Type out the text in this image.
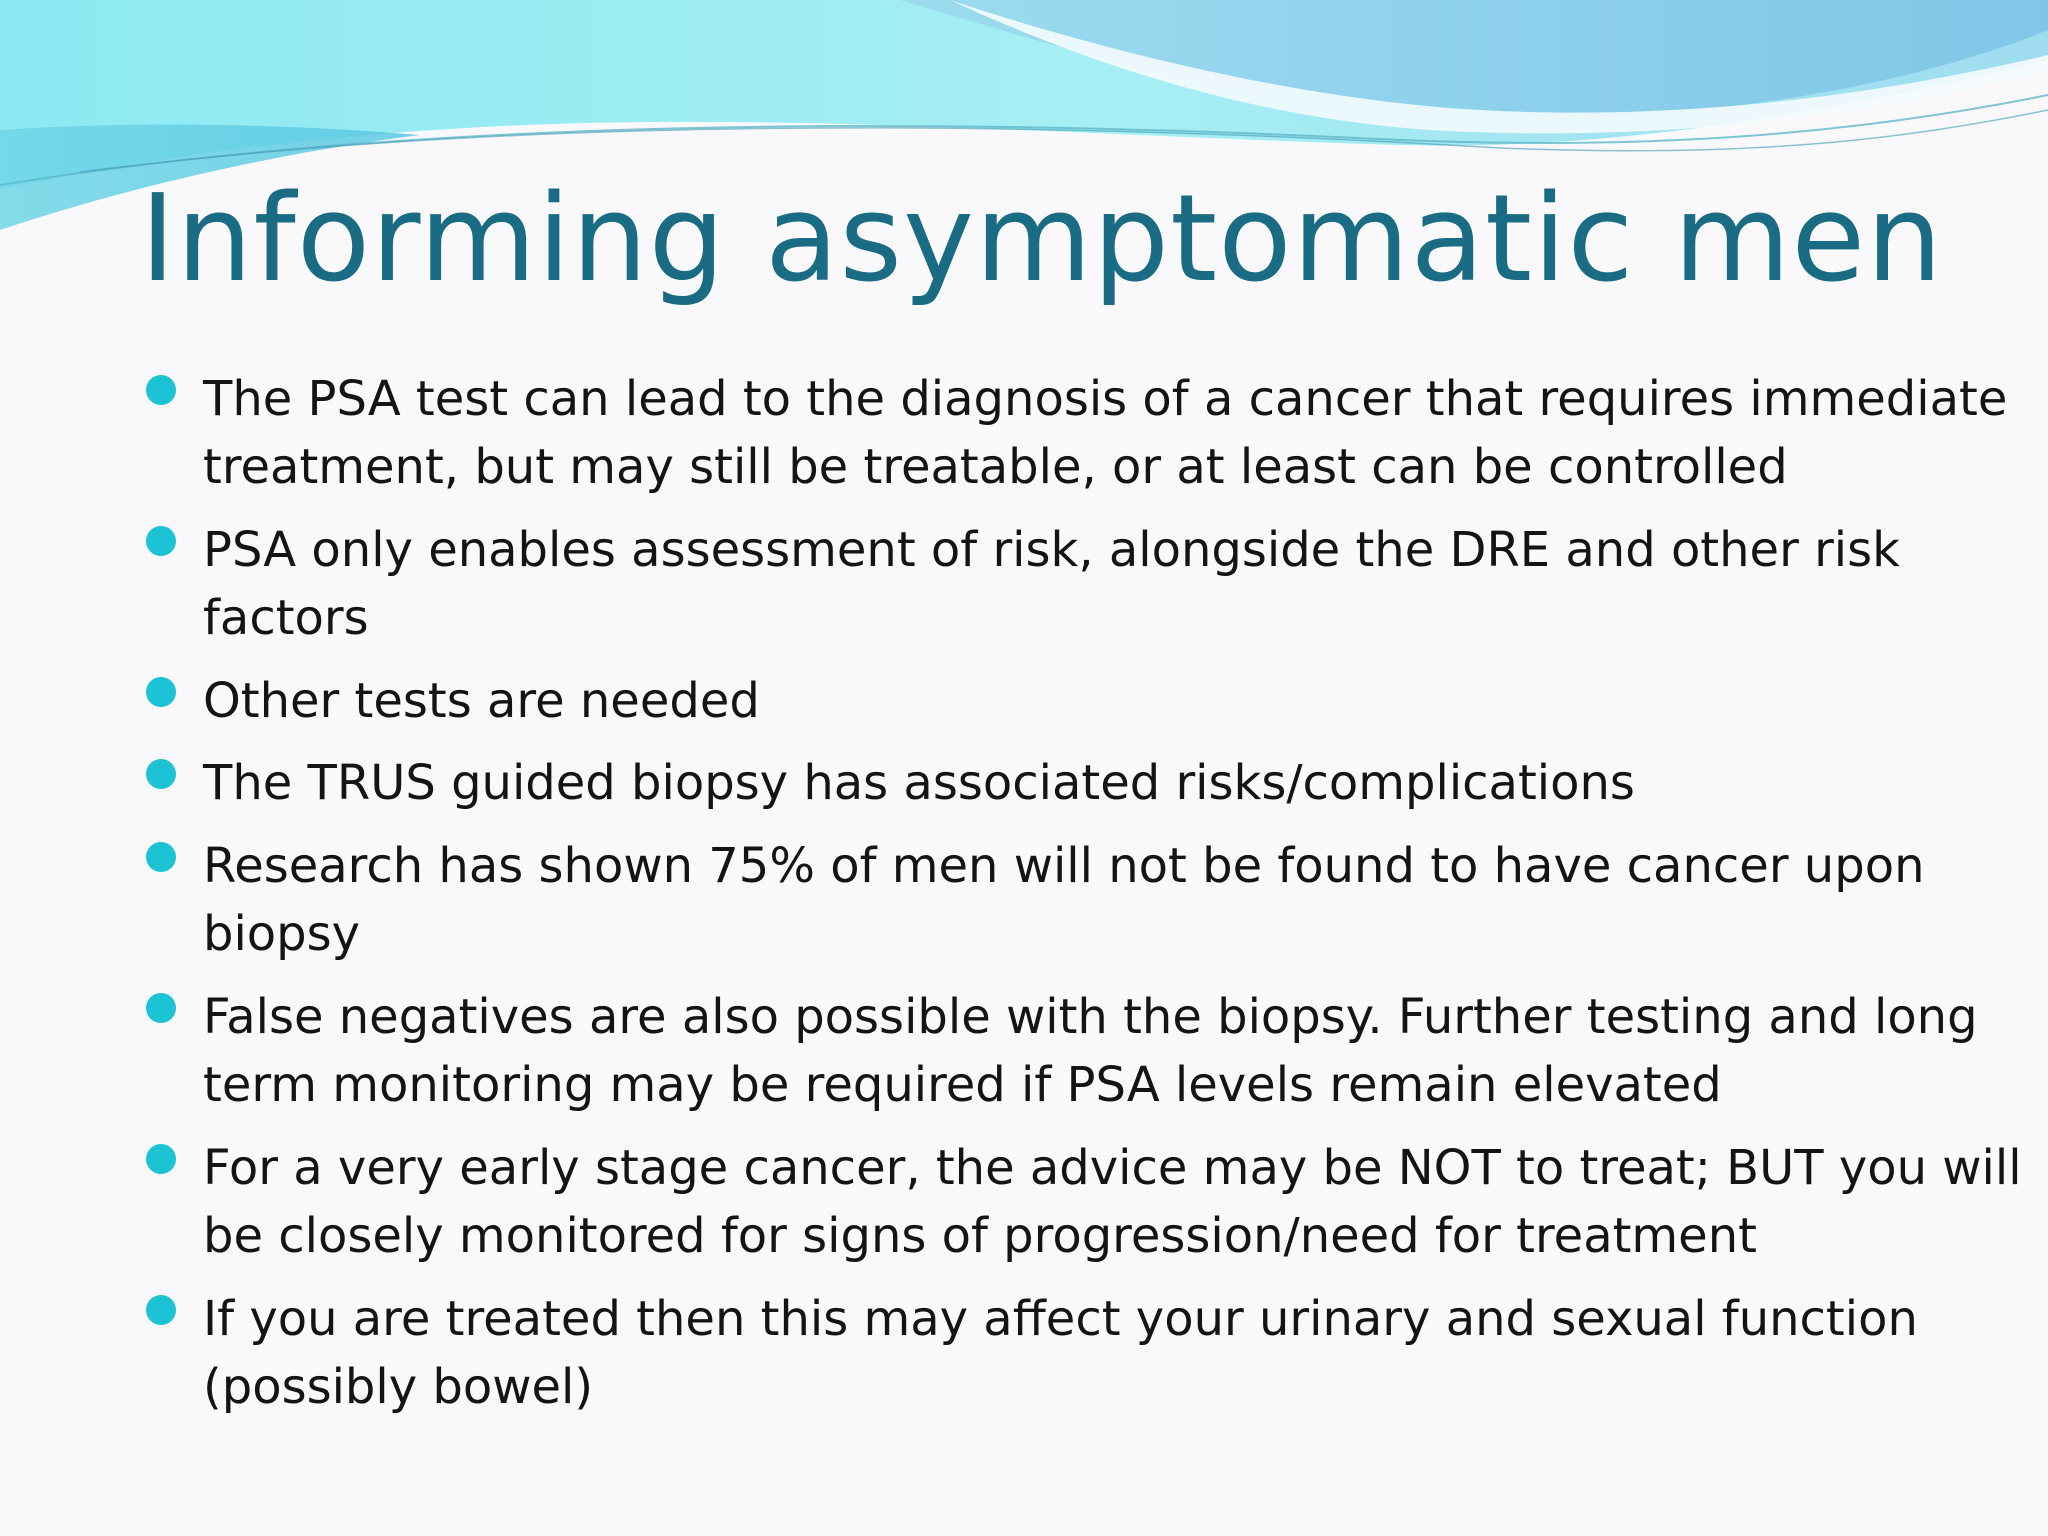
Informing asymptomatic men
The PSA test can lead to the diagnosis of a cancer that requires immediate
treatment, but may still be treatable, or at least can be controlled
PSA only enables assessment of risk, alongside the DRE and other risk
factors
Other tests are needed
The TRUS guided biopsy has associated risks/complications
Research has shown 75% of men will not be found to have cancer upon
biopsy
False negatives are also possible with the biopsy. Further testing and long
term monitoring may be required if PSA levels remain elevated
For a very early stage cancer, the advice may be NOT to treat; BUT you will
be closely monitored for signs of progression/need for treatment
If you are treated then this may affect your urinary and sexual function
(possibly bowel)
